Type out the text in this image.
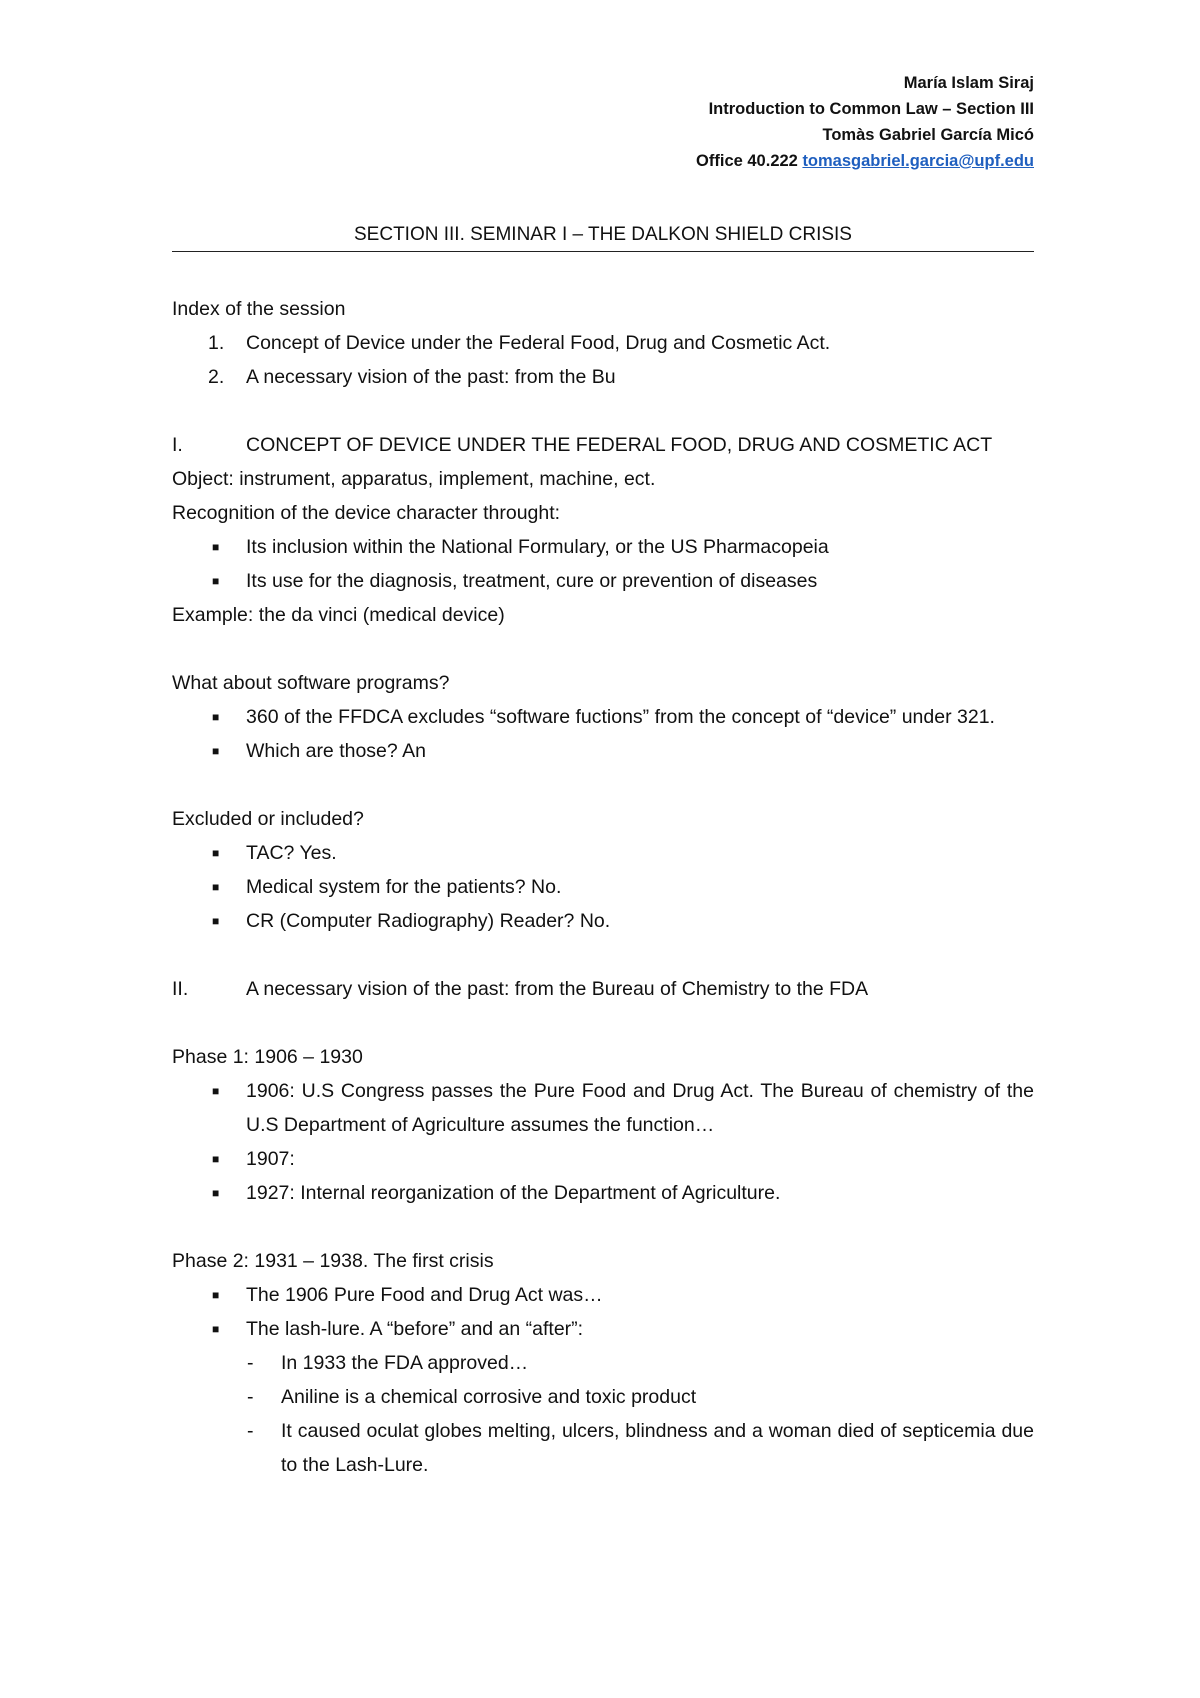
María Islam Siraj
Introduction to Common Law – Section III
Tomàs Gabriel García Micó
Office 40.222 tomasgabriel.garcia@upf.edu
SECTION III. SEMINAR I – THE DALKON SHIELD CRISIS

Index of the session

1. Concept of Device under the Federal Food, Drug and Cosmetic Act.

2. A necessary vision of the past: from the Bu

I.	CONCEPT OF DEVICE UNDER THE FEDERAL FOOD, DRUG AND COSMETIC ACT

Object: instrument, apparatus, implement, machine, ect.

Recognition of the device character throught:

■ Its inclusion within the National Formulary, or the US Pharmacopeia

■ Its use for the diagnosis, treatment, cure or prevention of diseases

Example: the da vinci (medical device)

What about software programs?

■ 360 of the FFDCA excludes “software fuctions” from the concept of “device” under 321.

■ Which are those? An

Excluded or included?

■ TAC? Yes.

■ Medical system for the patients? No.

■ CR (Computer Radiography) Reader? No.

II.	A necessary vision of the past: from the Bureau of Chemistry to the FDA

Phase 1: 1906 – 1930

■ 1906: U.S Congress passes the Pure Food and Drug Act. The Bureau of chemistry of the U.S Department of Agriculture assumes the function…

■ 1907:

■ 1927: Internal reorganization of the Department of Agriculture.

Phase 2: 1931 – 1938. The first crisis

■ The 1906 Pure Food and Drug Act was…

■ The lash-lure. A “before” and an “after”:

- In 1933 the FDA approved…

- Aniline is a chemical corrosive and toxic product

- It caused oculat globes melting, ulcers, blindness and a woman died of septicemia due to the Lash-Lure.
